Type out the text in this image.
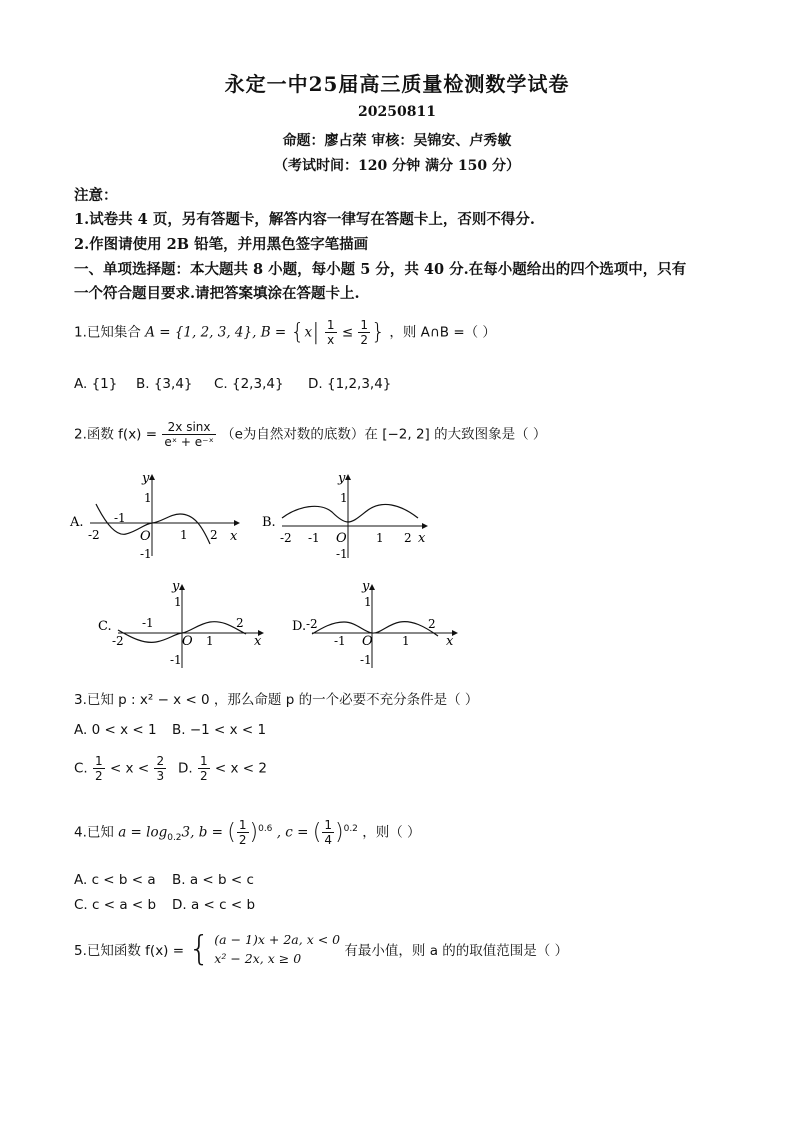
永定一中25届高三质量检测数学试卷
20250811
命题：廖占荣 审核：吴锦安、卢秀敏
（考试时间：120 分钟 满分 150 分）
注意：
1.试卷共 4 页，另有答题卡，解答内容一律写在答题卡上，否则不得分.
2.作图请使用 2B 铅笔，并用黑色签字笔描画
一、单项选择题：本大题共 8 小题，每小题 5 分，共 40 分.在每小题给出的四个选项中，只有
一个符合题目要求.请把答案填涂在答题卡上.
1.已知集合 A = {1, 2, 3, 4}, $B = \{x| \frac{1}{x} \le \frac{1}{2}$ } ，则 A∩B =（ ）
A. {1} B. {3,4} C. {2,3,4} D. {1,2,3,4}
2.函数 $f(x) = \frac{\text{2x sinx}}{\text{eˣ + e⁻ˣ}} (e$为自然对数的底数）在 [−2, 2] 的大致图象是（ ）
A.
x
y
O
1
-1
-2
-1
1 2
B.
x
y
O
1
-1
-2 -1	1 2
C.
x
y
O
1
-1
-2
-1
1
2	D.
x
y
O
1
-1
-2
-1	1
2
3.已知 p : x² − x < 0 ，那么命题 p 的一个必要不充分条件是（ ）
A. 0 < x < 1 B. −1 < x < 1
C. $\frac{1}{2} < x < \frac{2}{3} D$. $\frac{1}{2} < x < 2$
4.已知 $a = \log_{0.2}3$, b = ( $\frac{1}{2} )^{0.6}$ , c = ( $\frac{1}{4} )^{0.2}$ ，则（ ）
A. c < b < a B. a < b < c
C. c < a < b D. a < c < b
5.已知函数 f(x) = { (a − 1)x + 2a, x < 0
x² − 2x, x ≥ 0	有最小值，则 a 的的取值范围是（ ）
